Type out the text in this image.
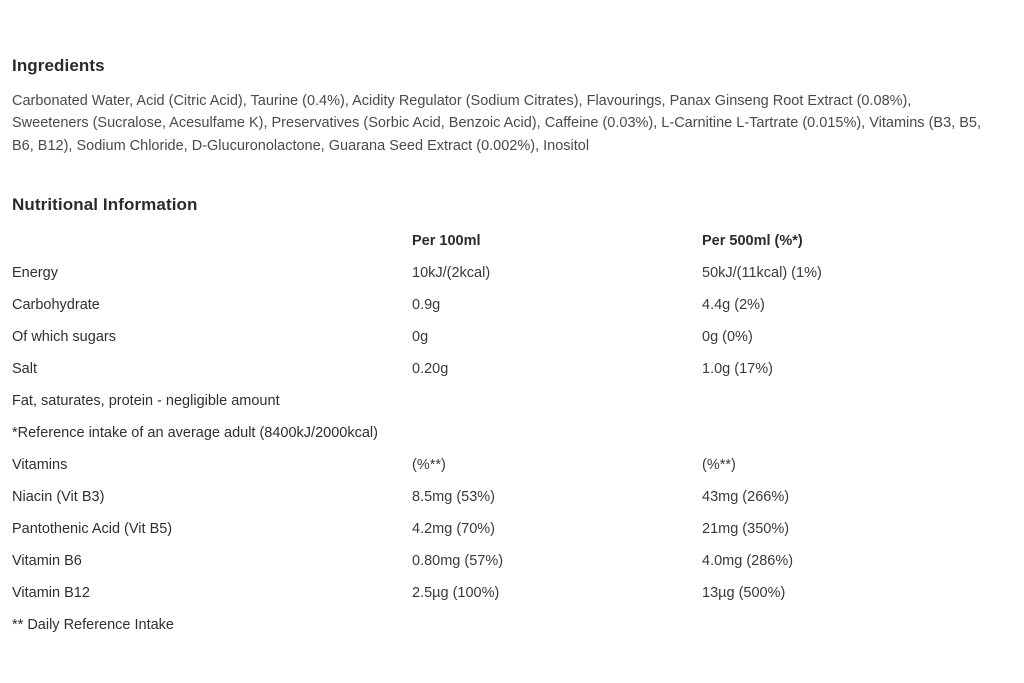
Ingredients

Carbonated Water, Acid (Citric Acid), Taurine (0.4%), Acidity Regulator (Sodium Citrates), Flavourings, Panax Ginseng Root Extract (0.08%), Sweeteners (Sucralose, Acesulfame K), Preservatives (Sorbic Acid, Benzoic Acid), Caffeine (0.03%), L-Carnitine L-Tartrate (0.015%), Vitamins (B3, B5, B6, B12), Sodium Chloride, D-Glucuronolactone, Guarana Seed Extract (0.002%), Inositol

Nutritional Information
	Per 100ml	Per 500ml (%*)
Energy	10kJ/(2kcal)	50kJ/(11kcal) (1%)
Carbohydrate	0.9g	4.4g (2%)
Of which sugars	0g	0g (0%)
Salt	0.20g	1.0g (17%)
Fat, saturates, protein - negligible amount		
*Reference intake of an average adult (8400kJ/2000kcal)		
Vitamins	(%**)	(%**)
Niacin (Vit B3)	8.5mg (53%)	43mg (266%)
Pantothenic Acid (Vit B5)	4.2mg (70%)	21mg (350%)
Vitamin B6	0.80mg (57%)	4.0mg (286%)
Vitamin B12	2.5µg (100%)	13µg (500%)
** Daily Reference Intake		
